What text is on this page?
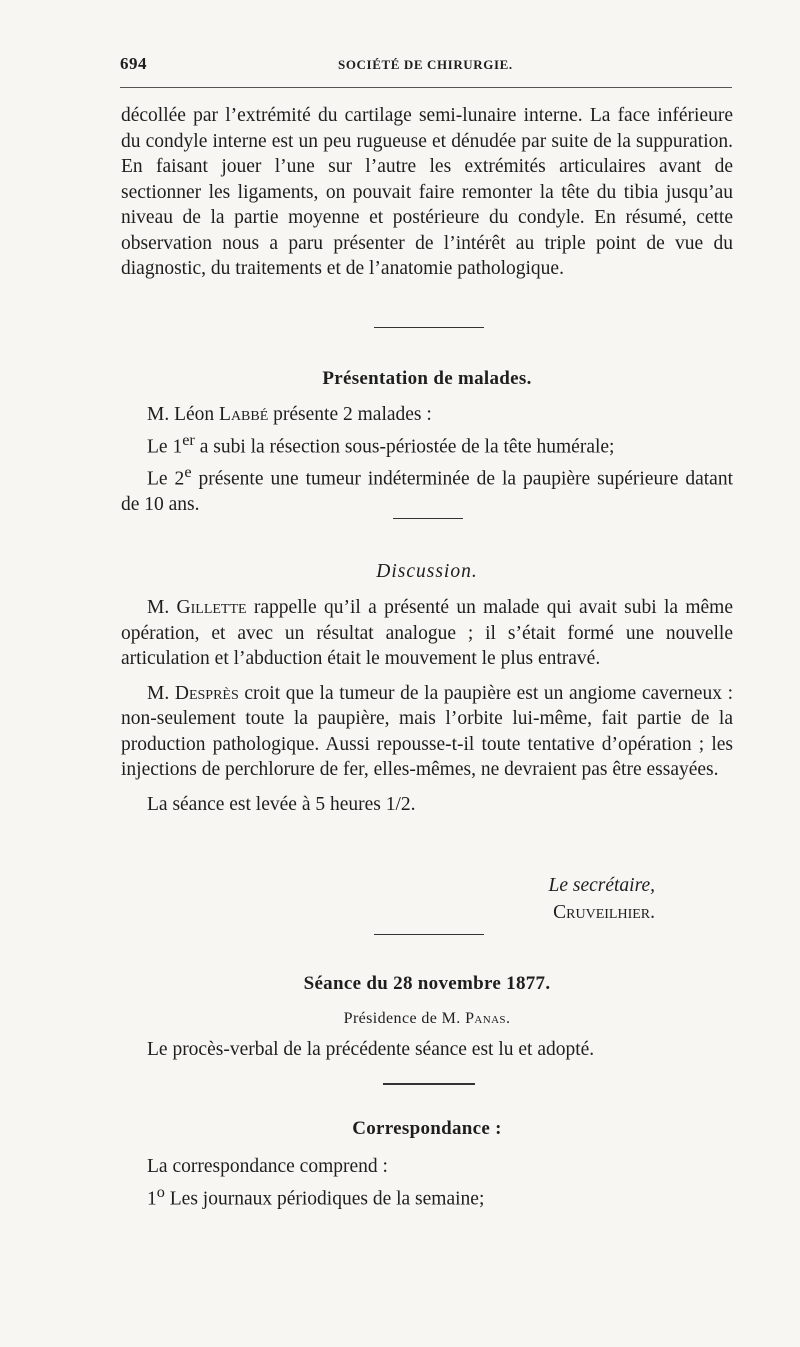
694	SOCIÉTÉ DE CHIRURGIE.

décollée par l’extrémité du cartilage semi-lunaire interne. La face inférieure du condyle interne est un peu rugueuse et dénudée par suite de la suppuration. En faisant jouer l’une sur l’autre les extrémités articulaires avant de sectionner les ligaments, on pouvait faire remonter la tête du tibia jusqu’au niveau de la partie moyenne et postérieure du condyle. En résumé, cette observation nous a paru présenter de l’intérêt au triple point de vue du diagnostic, du traitements et de l’anatomie pathologique.

Présentation de malades.

M. Léon Labbé présente 2 malades :

Le 1er a subi la résection sous-périostée de la tête humérale;

Le 2e présente une tumeur indéterminée de la paupière supérieure datant de 10 ans.

Discussion.

M. Gillette rappelle qu’il a présenté un malade qui avait subi la même opération, et avec un résultat analogue ; il s’était formé une nouvelle articulation et l’abduction était le mouvement le plus entravé.

M. Desprès croit que la tumeur de la paupière est un angiome caverneux : non-seulement toute la paupière, mais l’orbite lui-même, fait partie de la production pathologique. Aussi repousse-t-il toute tentative d’opération ; les injections de perchlorure de fer, elles-mêmes, ne devraient pas être essayées.

La séance est levée à 5 heures 1/2.

Le secrétaire,
Cruveilhier.
Séance du 28 novembre 1877.
Présidence de M. Panas.

Le procès-verbal de la précédente séance est lu et adopté.

Correspondance :

La correspondance comprend :

1$^o$ Les journaux périodiques de la semaine;
